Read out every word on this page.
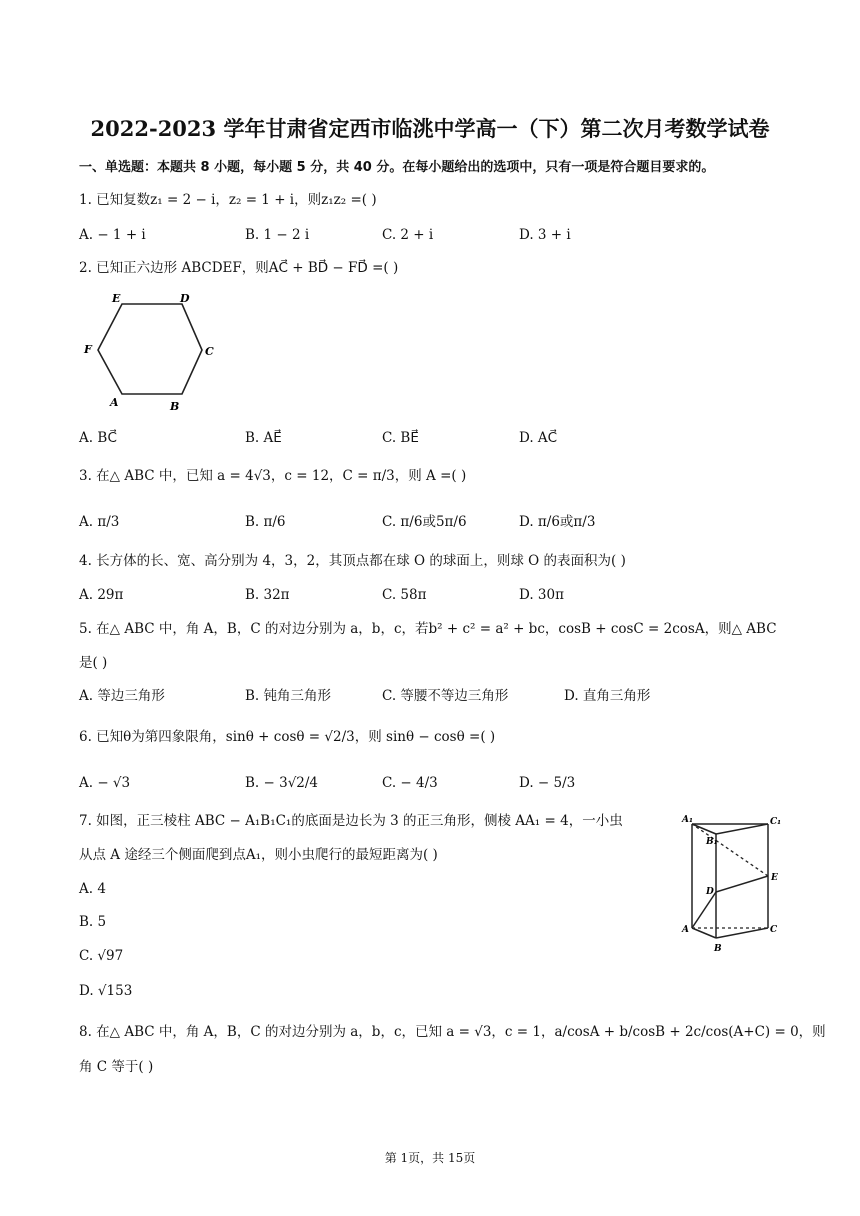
2022-2023 学年甘肃省定西市临洮中学高一（下）第二次月考数学试卷
一、单选题：本题共 8 小题，每小题 5 分，共 40 分。在每小题给出的选项中，只有一项是符合题目要求的。
1. 已知复数z₁ = 2 − i，z₂ = 1 + i，则z₁z₂ =( )
A. − 1 + i	B. 1 − 2 i	C. 2 + i	D. 3 + i
2. 已知正六边形 ABCDEF，则AC⃗ + BD⃗ − FD⃗ =( )
E	D
F	C
A	B
A. BC⃗	B. AE⃗	C. BE⃗	D. AC⃗
3. 在△ ABC 中，已知 a = 4√3，c = 12，C = π/3，则 A =( )
A. π/3	B. π/6	C. π/6或5π/6	D. π/6或π/3
4. 长方体的长、宽、高分别为 4，3，2，其顶点都在球 O 的球面上，则球 O 的表面积为( )
A. 29π	B. 32π	C. 58π	D. 30π
5. 在△ ABC 中，角 A，B，C 的对边分别为 a，b，c，若b² + c² = a² + bc，cosB + cosC = 2cosA，则△ ABC
是( )
A. 等边三角形	B. 钝角三角形	C. 等腰不等边三角形	D. 直角三角形
6. 已知θ为第四象限角，sinθ + cosθ = √2/3，则 sinθ − cosθ =( )
A. − √3	B. − 3√2/4	C. − 4/3	D. − 5/3
7. 如图，正三棱柱 ABC − A₁B₁C₁的底面是边长为 3 的正三角形，侧棱 AA₁ = 4，一小虫
从点 A 途经三个侧面爬到点A₁，则小虫爬行的最短距离为( )
A. 4
B. 5
C. √97
D. √153
A₁	C₁
B₁
E
D
A	C
B
8. 在△ ABC 中，角 A，B，C 的对边分别为 a，b，c，已知 a = √3，c = 1，a/cosA + b/cosB + 2c/cos(A+C) = 0，则
角 C 等于( )
第 1页，共 15页
